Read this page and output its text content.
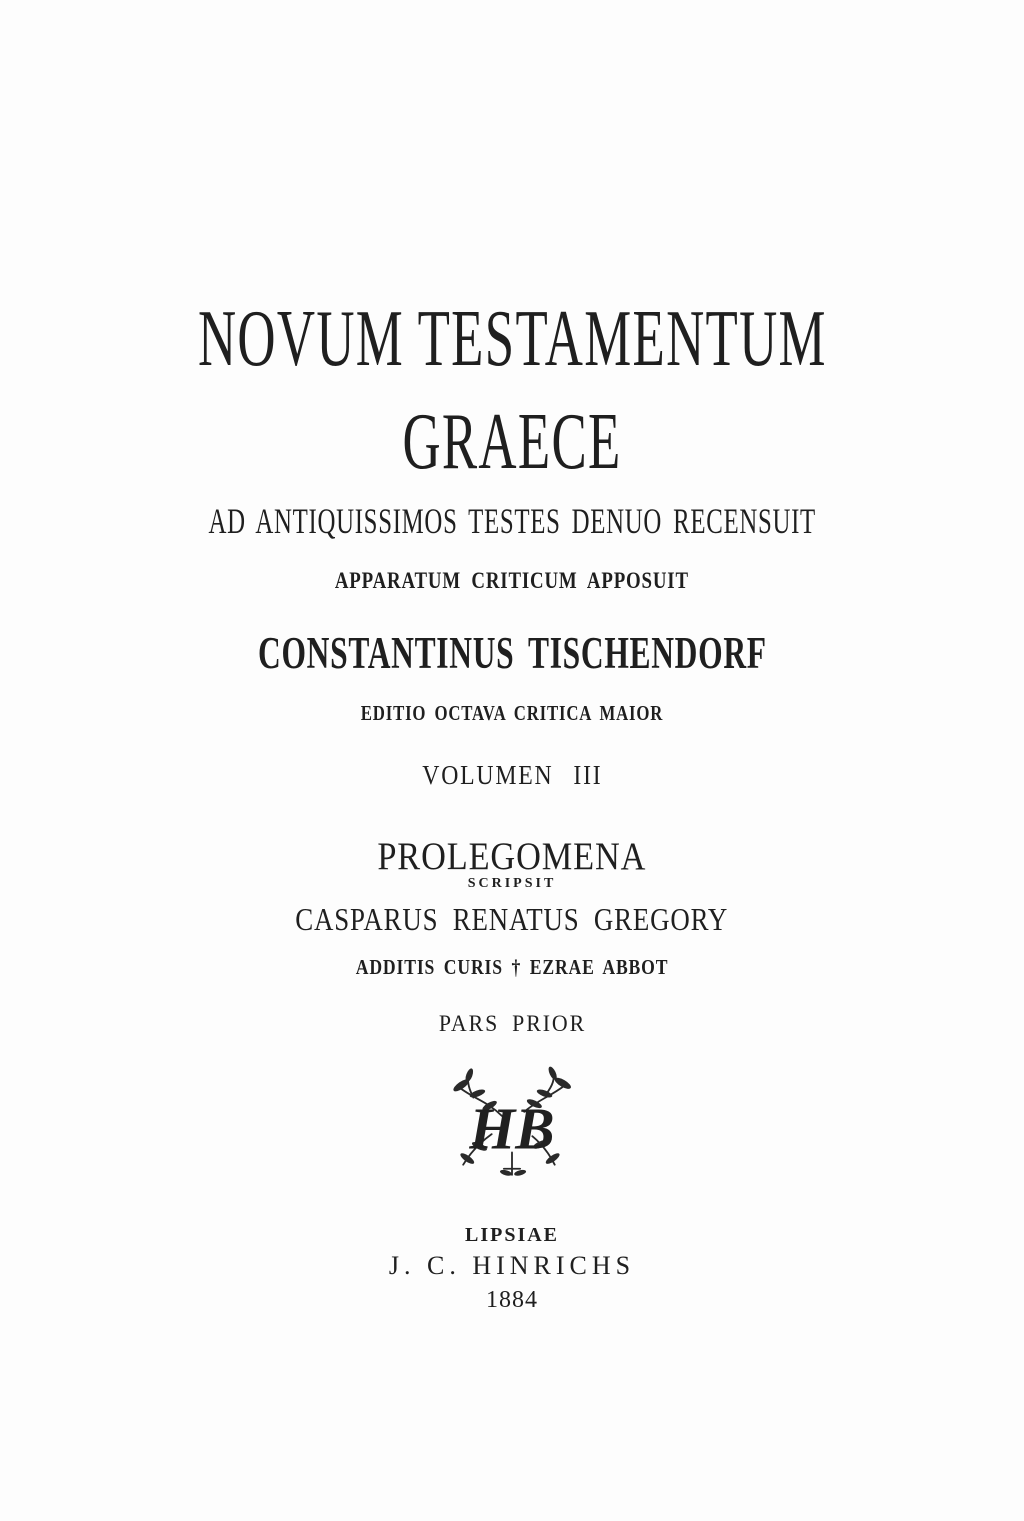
NOVUM TESTAMENTUM
GRAECE
AD ANTIQUISSIMOS TESTES DENUO RECENSUIT
APPARATUM CRITICUM APPOSUIT
CONSTANTINUS TISCHENDORF
EDITIO OCTAVA CRITICA MAIOR
VOLUMEN III
PROLEGOMENA
SCRIPSIT
CASPARUS RENATUS GREGORY
ADDITIS CURIS † EZRAE ABBOT
PARS PRIOR
HB
LIPSIAE
J. C. HINRICHS
1884
